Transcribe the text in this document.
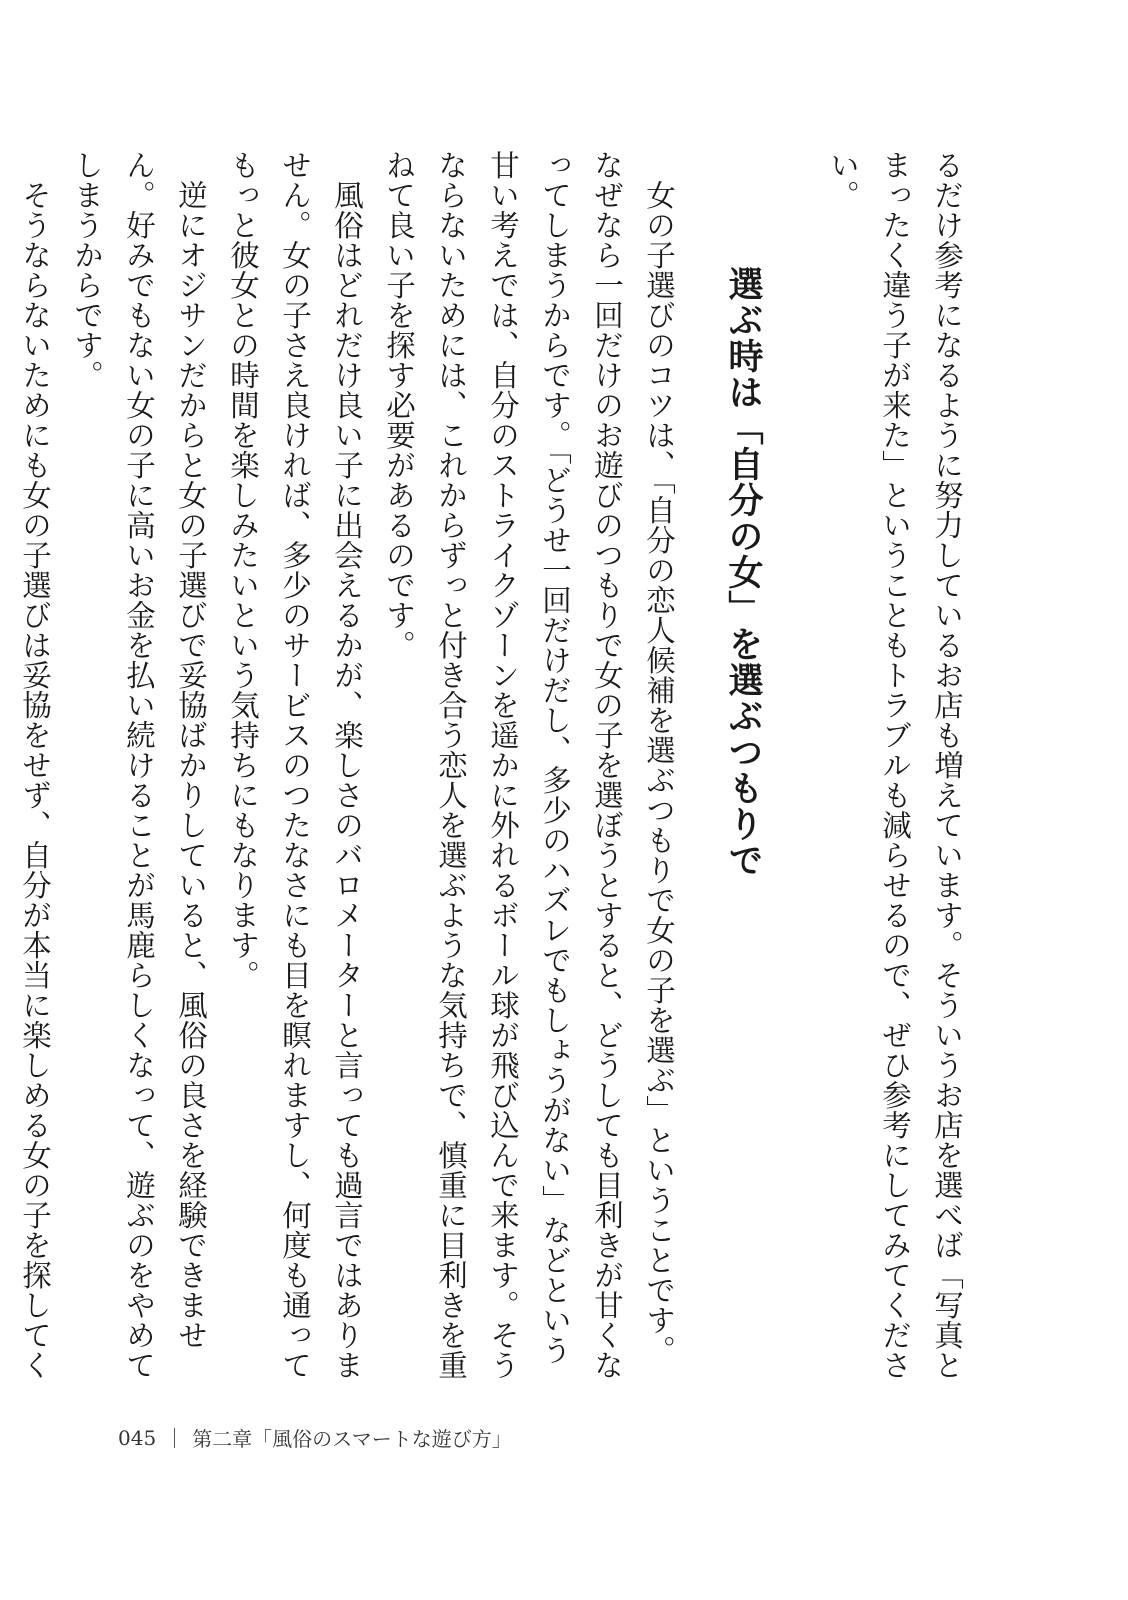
るだけ参考になるように努力しているお店も増えています。そういうお店を選べば「写真とまったく違う子が来た」ということもトラブルも減らせるので、ぜひ参考にしてみてください。

選ぶ時は「自分の女」を選ぶつもりで

女の子選びのコツは、「自分の恋人候補を選ぶつもりで女の子を選ぶ」ということです。なぜなら一回だけのお遊びのつもりで女の子を選ぼうとすると、どうしても目利きが甘くなってしまうからです。「どうせ一回だけだし、多少のハズレでもしょうがない」などという甘い考えでは、自分のストライクゾーンを遥かに外れるボール球が飛び込んで来ます。そうならないためには、これからずっと付き合う恋人を選ぶような気持ちで、慎重に目利きを重ねて良い子を探す必要があるのです。

風俗はどれだけ良い子に出会えるかが、楽しさのバロメーターと言っても過言ではありません。女の子さえ良ければ、多少のサービスのつたなさにも目を瞑れますし、何度も通ってもっと彼女との時間を楽しみたいという気持ちにもなります。

逆にオジサンだからと女の子選びで妥協ばかりしていると、風俗の良さを経験できません。好みでもない女の子に高いお金を払い続けることが馬鹿らしくなって、遊ぶのをやめてしまうからです。

そうならないためにも女の子選びは妥協をせず、自分が本当に楽しめる女の子を探してく

045 第二章「風俗のスマートな遊び方」
